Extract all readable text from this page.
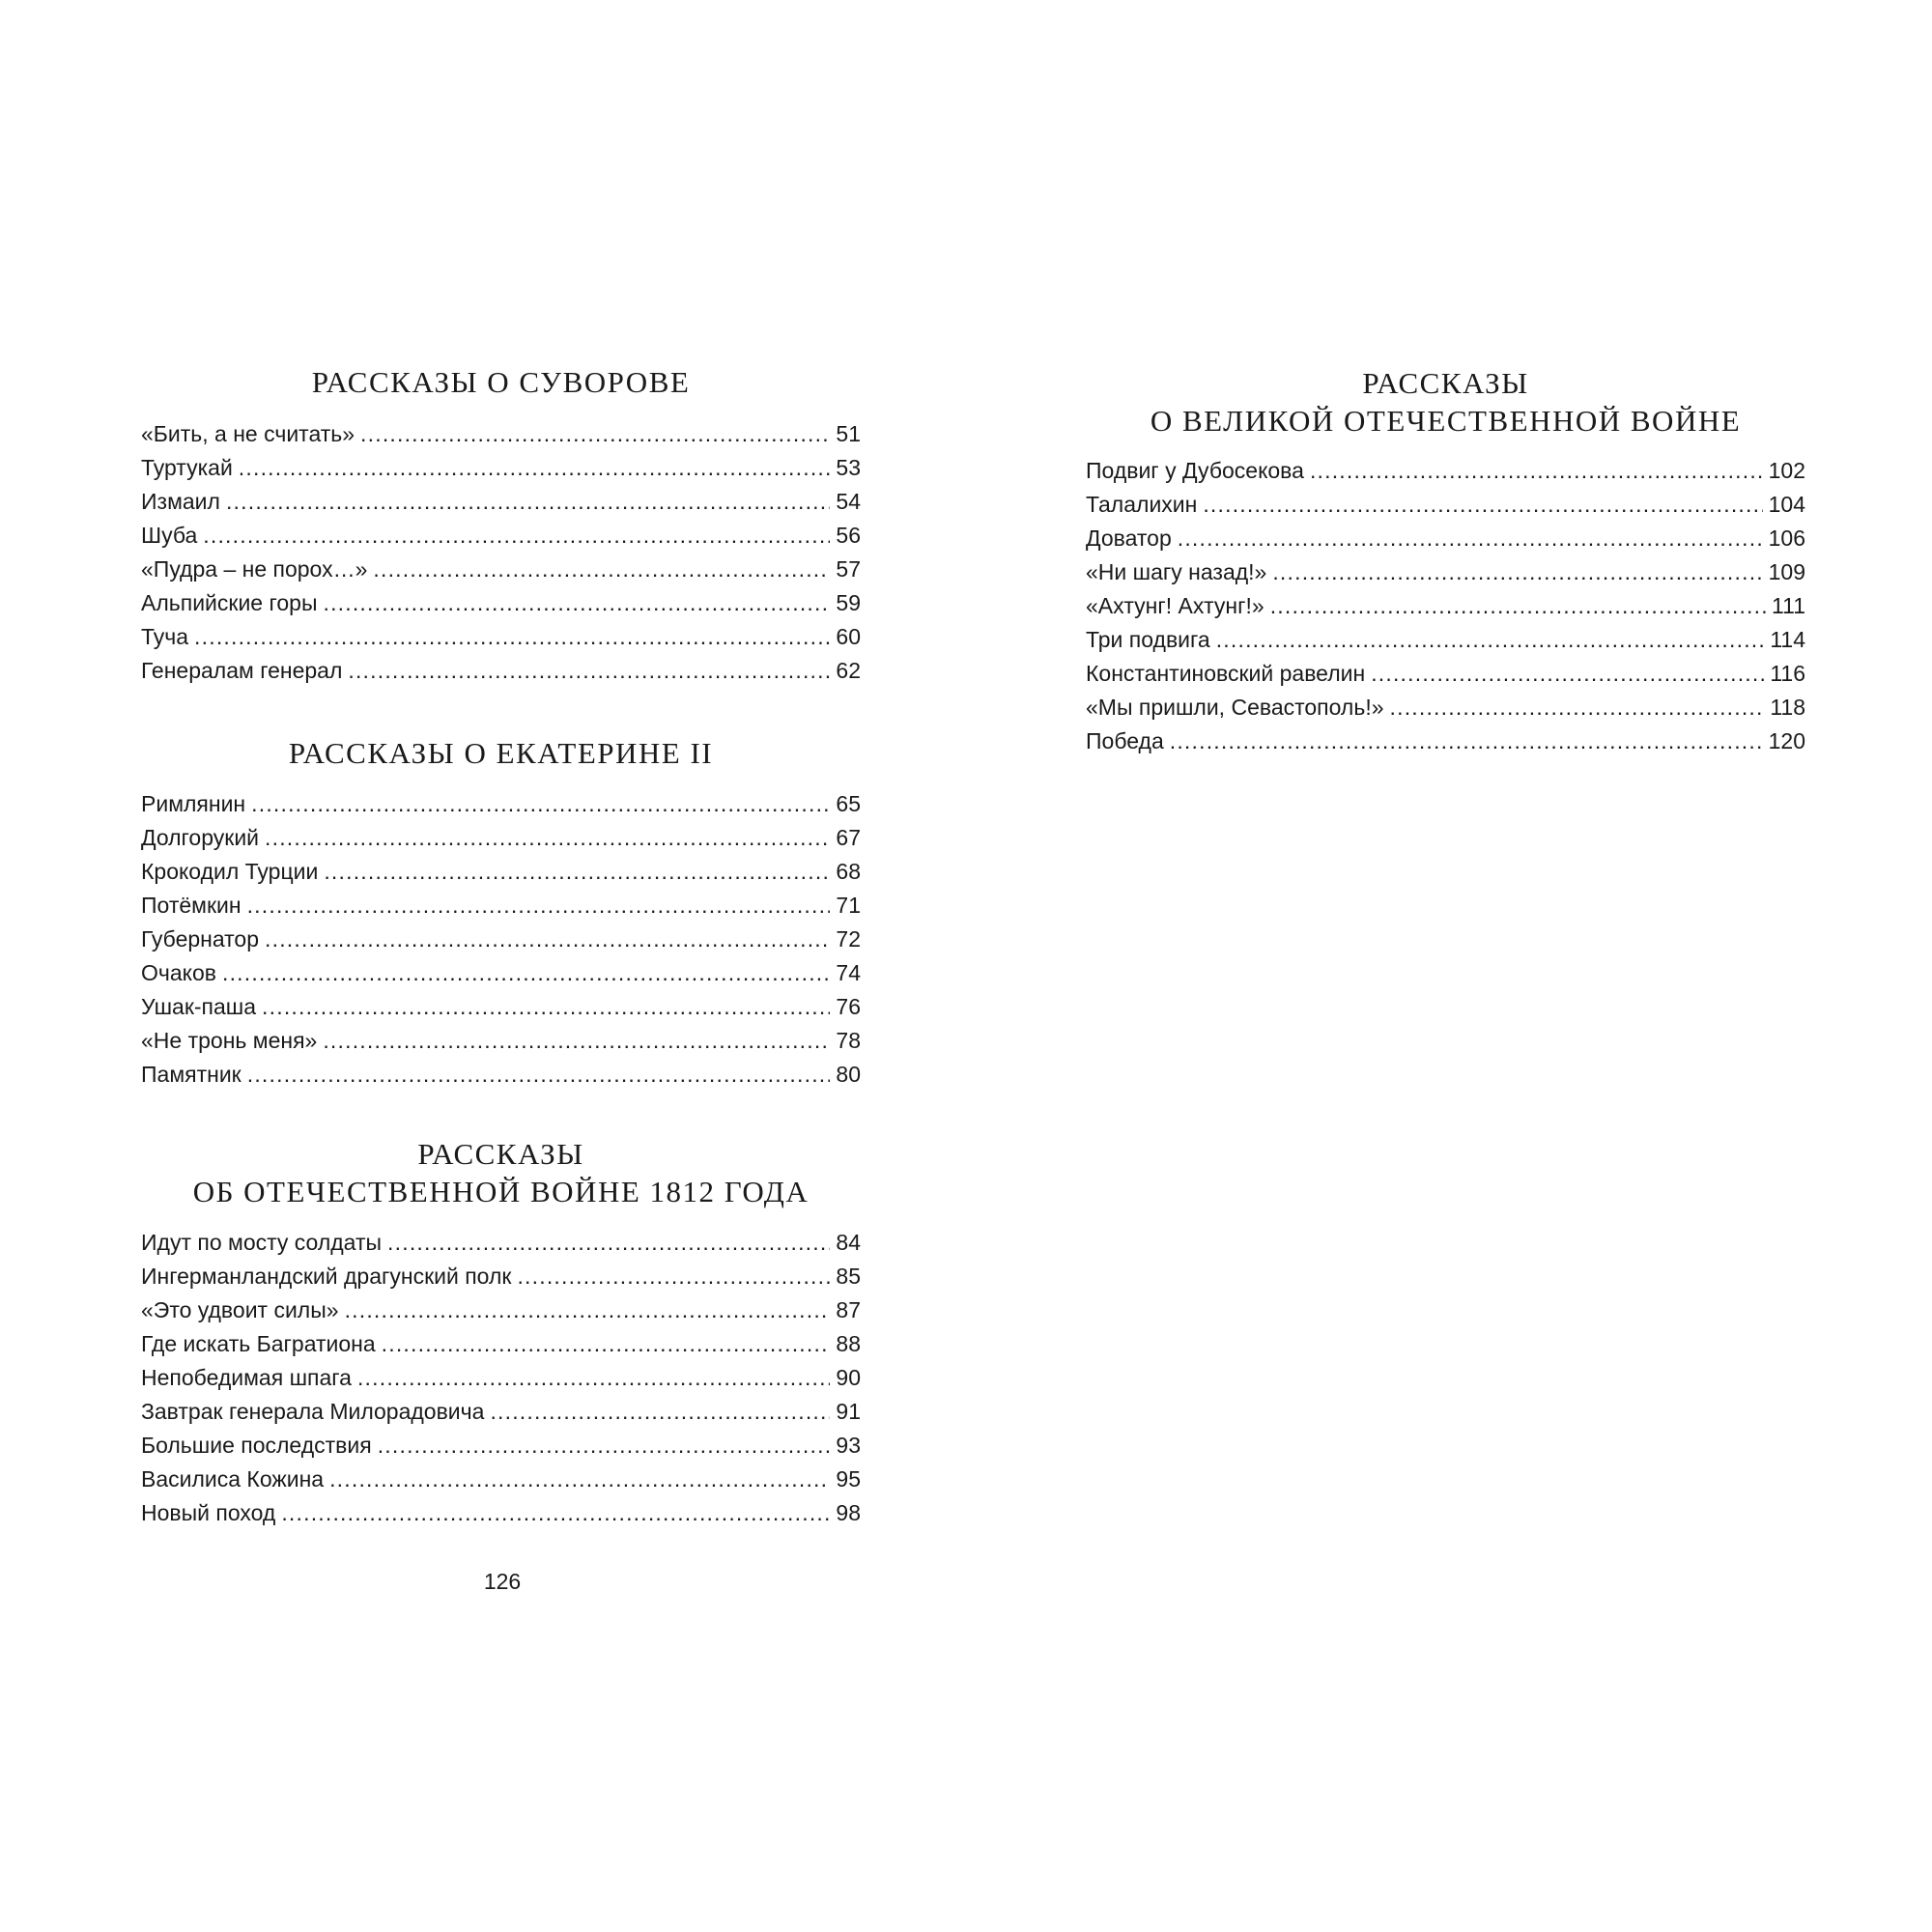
РАССКАЗЫ О СУВОРОВЕ
«Бить, а не считать» .....	51
Туртукай .....	53
Измаил .....	54
Шуба .....	56
«Пудра – не порох…» .....	57
Альпийские горы .....	59
Туча .....	60
Генералам генерал .....	62
РАССКАЗЫ О ЕКАТЕРИНЕ II
Римлянин .....	65
Долгорукий .....	67
Крокодил Турции .....	68
Потёмкин .....	71
Губернатор .....	72
Очаков .....	74
Ушак-паша .....	76
«Не тронь меня» .....	78
Памятник .....	80
РАССКАЗЫ
ОБ ОТЕЧЕСТВЕННОЙ ВОЙНЕ 1812 ГОДА
Идут по мосту солдаты .....	84
Ингерманландский драгунский полк .....	85
«Это удвоит силы» .....	87
Где искать Багратиона .....	88
Непобедимая шпага .....	90
Завтрак генерала Милорадовича .....	91
Большие последствия .....	93
Василиса Кожина .....	95
Новый поход .....	98
РАССКАЗЫ
О ВЕЛИКОЙ ОТЕЧЕСТВЕННОЙ ВОЙНЕ
Подвиг у Дубосекова .....	102
Талалихин .....	104
Доватор .....	106
«Ни шагу назад!» .....	109
«Ахтунг! Ахтунг!» .....	111
Три подвига .....	114
Константиновский равелин .....	116
«Мы пришли, Севастополь!» .....	118
Победа .....	120
126
